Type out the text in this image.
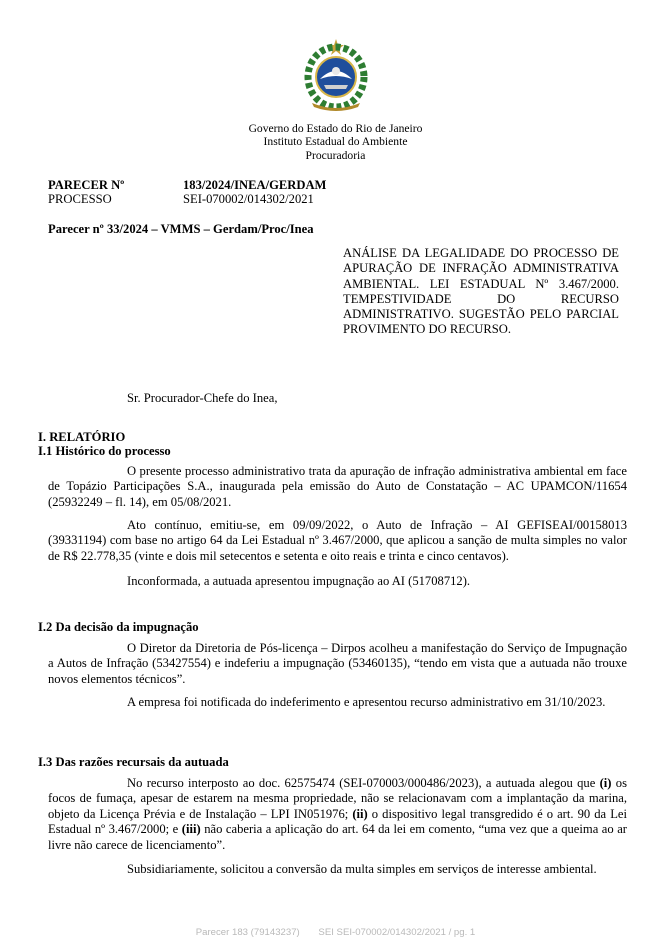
Governo do Estado do Rio de Janeiro
Instituto Estadual do Ambiente
Procuradoria
PARECER Nº	183/2024/INEA/GERDAM
PROCESSO	SEI-070002/014302/2021
Parecer nº 33/2024 – VMMS – Gerdam/Proc/Inea
ANÁLISE DA LEGALIDADE DO PROCESSO DE APURAÇÃO DE INFRAÇÃO ADMINISTRATIVA AMBIENTAL. LEI ESTADUAL Nº 3.467/2000. TEMPESTIVIDADE DO RECURSO ADMINISTRATIVO. SUGESTÃO PELO PARCIAL PROVIMENTO DO RECURSO.
Sr. Procurador-Chefe do Inea,
I. RELATÓRIO
I.1 Histórico do processo

O presente processo administrativo trata da apuração de infração administrativa ambiental em face de Topázio Participações S.A., inaugurada pela emissão do Auto de Constatação – AC UPAMCON/11654 (25932249 – fl. 14), em 05/08/2021.

Ato contínuo, emitiu-se, em 09/09/2022, o Auto de Infração – AI GEFISEAI/00158013 (39331194) com base no artigo 64 da Lei Estadual nº 3.467/2000, que aplicou a sanção de multa simples no valor de R$ 22.778,35 (vinte e dois mil setecentos e setenta e oito reais e trinta e cinco centavos).

Inconformada, a autuada apresentou impugnação ao AI (51708712).

I.2 Da decisão da impugnação

O Diretor da Diretoria de Pós-licença – Dirpos acolheu a manifestação do Serviço de Impugnação a Autos de Infração (53427554) e indeferiu a impugnação (53460135), “tendo em vista que a autuada não trouxe novos elementos técnicos”.

A empresa foi notificada do indeferimento e apresentou recurso administrativo em 31/10/2023.

I.3 Das razões recursais da autuada

No recurso interposto ao doc. 62575474 (SEI-070003/000486/2023), a autuada alegou que (i) os focos de fumaça, apesar de estarem na mesma propriedade, não se relacionavam com a implantação da marina, objeto da Licença Prévia e de Instalação – LPI IN051976; (ii) o dispositivo legal transgredido é o art. 90 da Lei Estadual nº 3.467/2000; e (iii) não caberia a aplicação do art. 64 da lei em comento, “uma vez que a queima ao ar livre não carece de licenciamento”.

Subsidiariamente, solicitou a conversão da multa simples em serviços de interesse ambiental.

Parecer 183 (79143237) SEI SEI-070002/014302/2021 / pg. 1
